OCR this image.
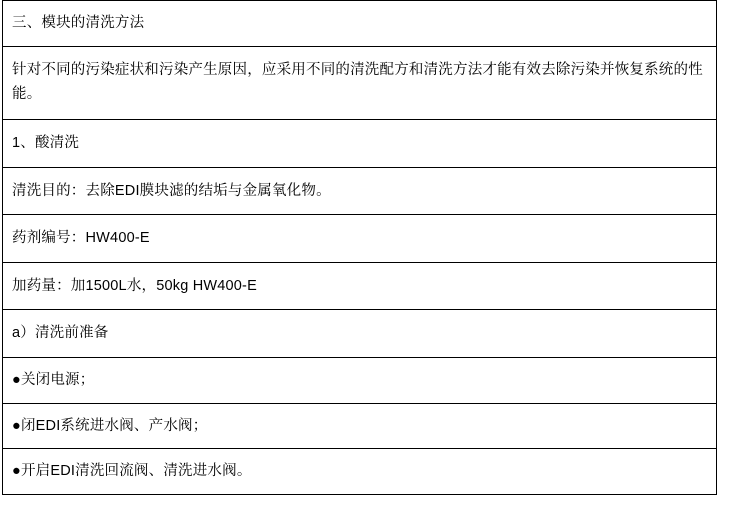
三、模块的清洗方法

针对不同的污染症状和污染产生原因，应采用不同的清洗配方和清洗方法才能有效去除污染并恢复系统的性能。

1、酸清洗

清洗目的：去除EDI膜块滤的结垢与金属氧化物。

药剂编号：HW400-E

加药量：加1500L水，50kg HW400-E

a）清洗前准备

●关闭电源；

●闭EDI系统进水阀、产水阀；

●开启EDI清洗回流阀、清洗进水阀。
